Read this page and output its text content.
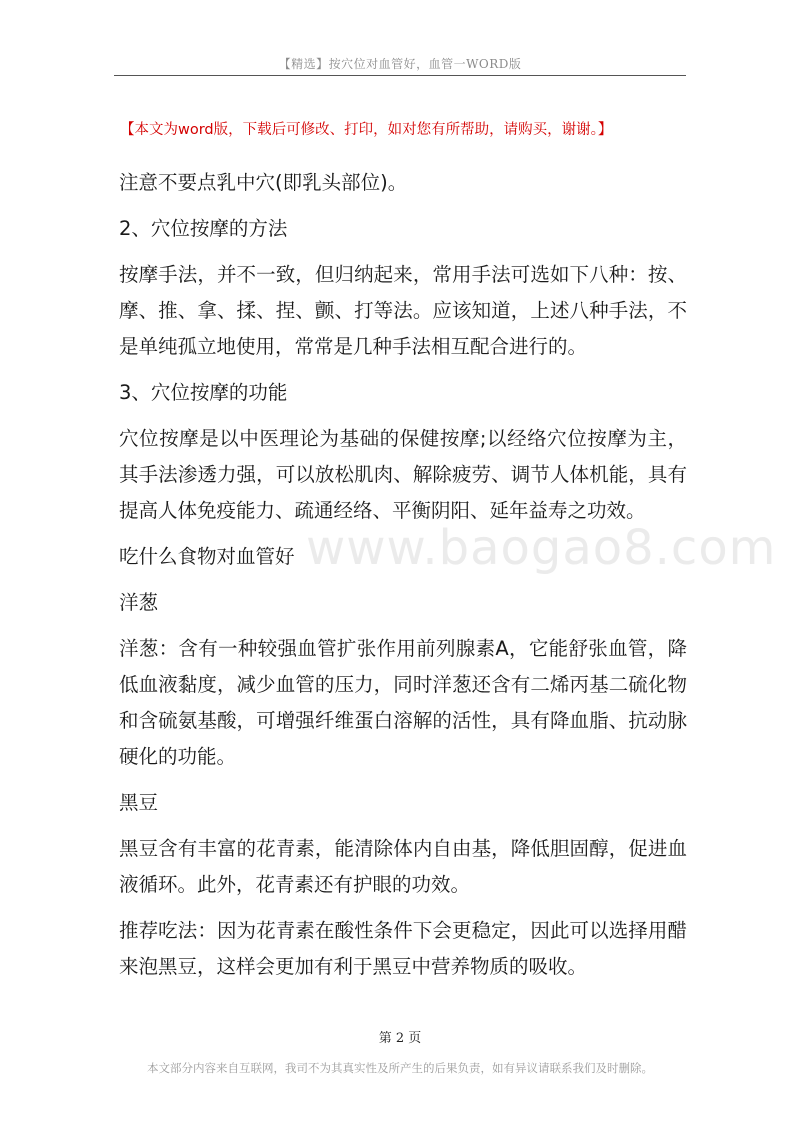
【精选】按穴位对血管好，血管一WORD版
【本文为word版，下载后可修改、打印，如对您有所帮助，请购买，谢谢。】
www.baogao8.com

注意不要点乳中穴(即乳头部位)。

2、穴位按摩的方法

按摩手法，并不一致，但归纳起来，常用手法可选如下八种：按、摩、推、拿、揉、捏、颤、打等法。应该知道，上述八种手法，不是单纯孤立地使用，常常是几种手法相互配合进行的。

3、穴位按摩的功能

穴位按摩是以中医理论为基础的保健按摩;以经络穴位按摩为主，其手法渗透力强，可以放松肌肉、解除疲劳、调节人体机能，具有提高人体免疫能力、疏通经络、平衡阴阳、延年益寿之功效。

吃什么食物对血管好

洋葱

洋葱：含有一种较强血管扩张作用前列腺素A，它能舒张血管，降低血液黏度，减少血管的压力，同时洋葱还含有二烯丙基二硫化物和含硫氨基酸，可增强纤维蛋白溶解的活性，具有降血脂、抗动脉硬化的功能。

黑豆

黑豆含有丰富的花青素，能清除体内自由基，降低胆固醇，促进血液循环。此外，花青素还有护眼的功效。

推荐吃法：因为花青素在酸性条件下会更稳定，因此可以选择用醋来泡黑豆，这样会更加有利于黑豆中营养物质的吸收。

第 2 页
本文部分内容来自互联网，我司不为其真实性及所产生的后果负责，如有异议请联系我们及时删除。
